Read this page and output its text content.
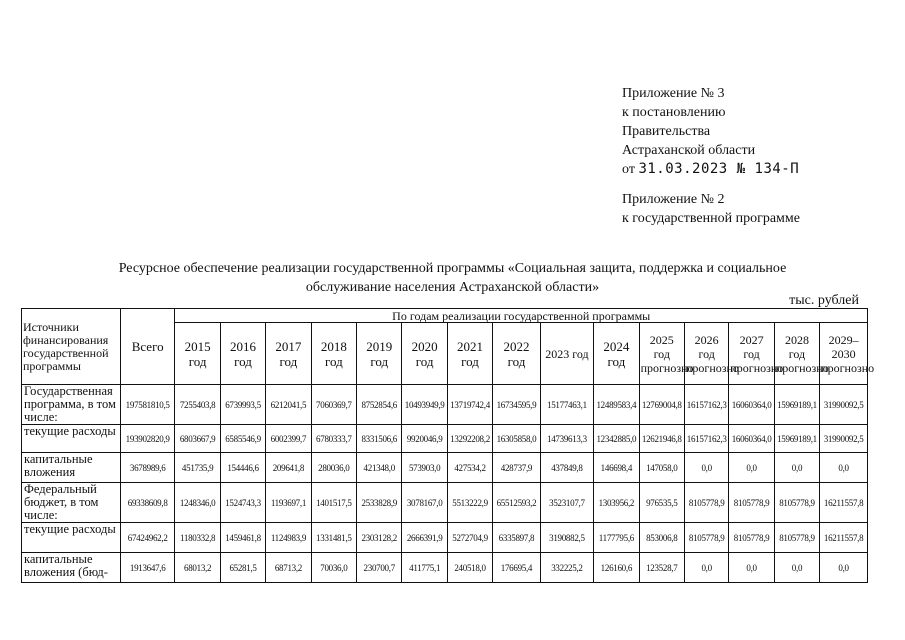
Приложение № 3
к постановлению
Правительства
Астраханской области
от 31.03.2023 № 134-П
Приложение № 2
к государственной программе
Ресурсное обеспечение реализации государственной программы «Социальная защита, поддержка и социальное
обслуживание населения Астраханской области»
тыс. рублей
Источники финансирования государственной программы	Всего	По годам реализации государственной программы														
		2015 год	2016 год	2017 год	2018 год	2019 год	2020 год	2021 год	2022 год	2023 год	2024 год	2025 год прогнозно	2026 год прогнозно	2027 год прогнозно	2028 год прогнозно	2029–2030 прогнозно
Государственная программа, в том числе:	197581810,5	7255403,8	6739993,5	6212041,5	7060369,7	8752854,6	10493949,9	13719742,4	16734595,9	15177463,1	12489583,4	12769004,8	16157162,3	16060364,0	15969189,1	31990092,5
текущие расходы	193902820,9	6803667,9	6585546,9	6002399,7	6780333,7	8331506,6	9920046,9	13292208,2	16305858,0	14739613,3	12342885,0	12621946,8	16157162,3	16060364,0	15969189,1	31990092,5
капитальные вложения	3678989,6	451735,9	154446,6	209641,8	280036,0	421348,0	573903,0	427534,2	428737,9	437849,8	146698,4	147058,0	0,0	0,0	0,0	0,0
Федеральный бюджет, в том числе:	69338609,8	1248346,0	1524743,3	1193697,1	1401517,5	2533828,9	3078167,0	5513222,9	65512593,2	3523107,7	1303956,2	976535,5	8105778,9	8105778,9	8105778,9	16211557,8
текущие расходы	67424962,2	1180332,8	1459461,8	1124983,9	1331481,5	2303128,2	2666391,9	5272704,9	6335897,8	3190882,5	1177795,6	853006,8	8105778,9	8105778,9	8105778,9	16211557,8
капитальные вложения (бюд-	1913647,6	68013,2	65281,5	68713,2	70036,0	230700,7	411775,1	240518,0	176695,4	332225,2	126160,6	123528,7	0,0	0,0	0,0	0,0
